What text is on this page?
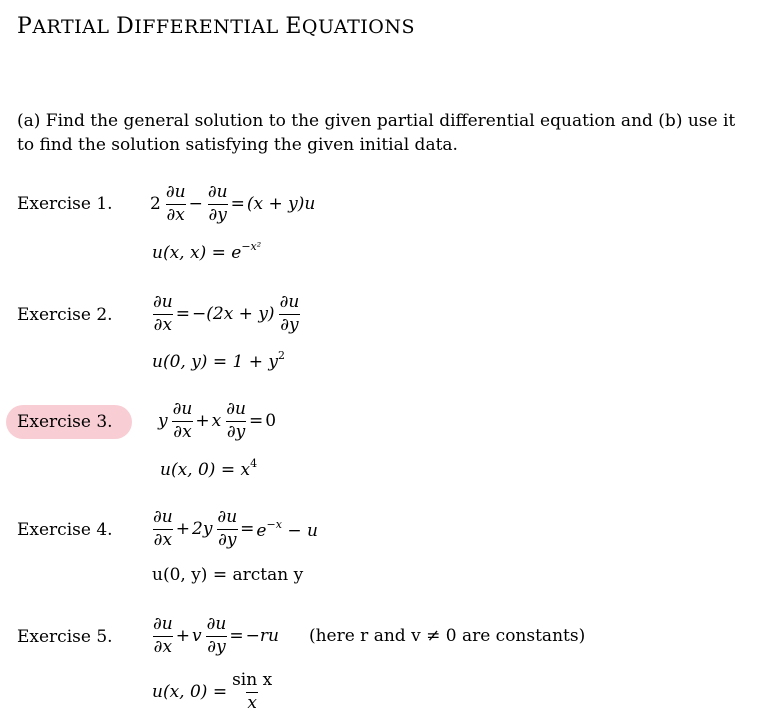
PARTIAL DIFFERENTIAL EQUATIONS
(a) Find the general solution to the given partial differential equation and (b) use it to find the solution satisfying the given initial data.
Exercise 1. $2 \frac{\partial u}{\partial x} - \frac{\partial u}{\partial y} = (x + y)u$
u(x, $x) = e^{-x^2}$
Exercise 2. $\frac{\partial u}{\partial x} = -(2x + y) \frac{\partial u}{\partial y}$
u(0, $y) = 1 + y^2$
Exercise 3.	y $\frac{\partial u}{\partial x} + x \frac{\partial u}{\partial y} = 0$
u(x, $0) = x^4$
Exercise 4. $\frac{\partial u}{\partial x} + 2y \frac{\partial u}{\partial y} = e^{-x} - u$
u(0, y) = arctan y
Exercise 5. $\frac{\partial u}{\partial x} + v \frac{\partial u}{\partial y} = -ru$ (here r and v ≠ 0 are constants)
u(x, $0) = \frac{\text{sin x}}{x}$
